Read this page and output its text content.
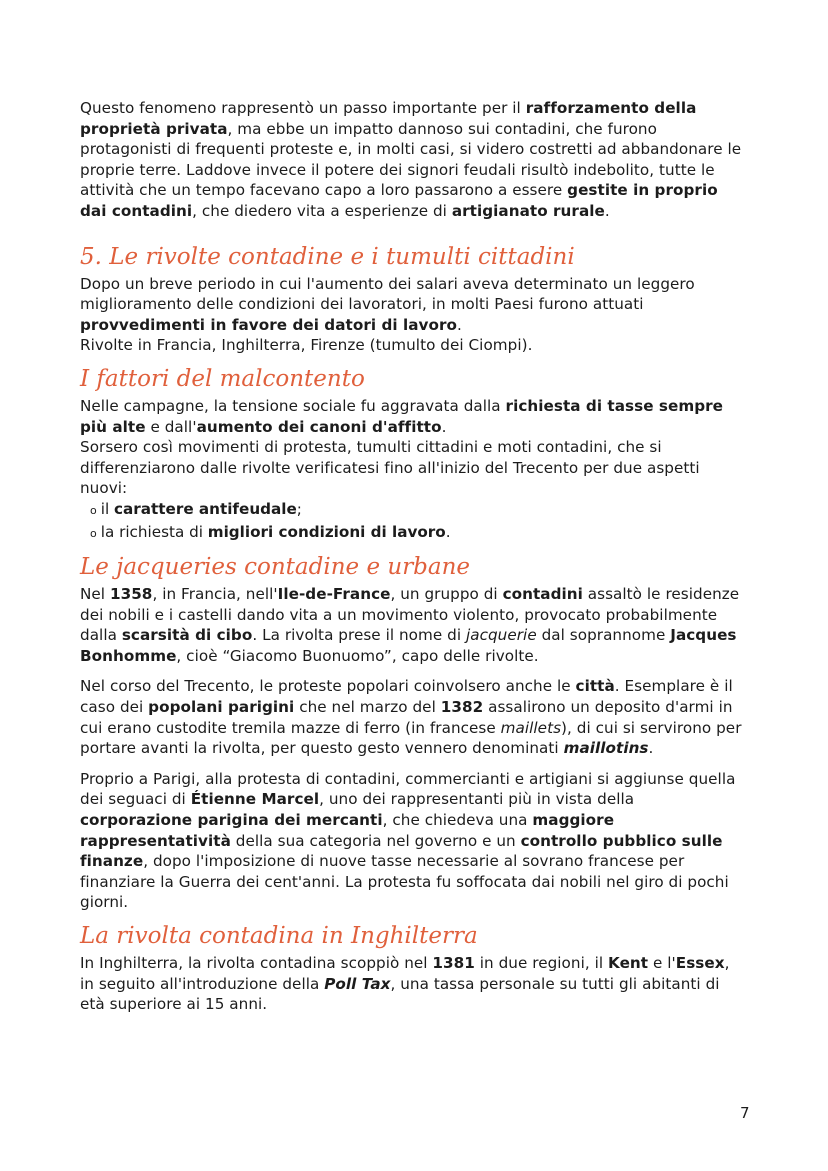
Questo fenomeno rappresentò un passo importante per il rafforzamento della proprietà privata, ma ebbe un impatto dannoso sui contadini, che furono protagonisti di frequenti proteste e, in molti casi, si videro costretti ad abbandonare le proprie terre. Laddove invece il potere dei signori feudali risultò indebolito, tutte le attività che un tempo facevano capo a loro passarono a essere gestite in proprio dai contadini, che diedero vita a esperienze di artigianato rurale.

5. Le rivolte contadine e i tumulti cittadini

Dopo un breve periodo in cui l'aumento dei salari aveva determinato un leggero miglioramento delle condizioni dei lavoratori, in molti Paesi furono attuati provvedimenti in favore dei datori di lavoro.
Rivolte in Francia, Inghilterra, Firenze (tumulto dei Ciompi).

I fattori del malcontento

Nelle campagne, la tensione sociale fu aggravata dalla richiesta di tasse sempre più alte e dall'aumento dei canoni d'affitto.
Sorsero così movimenti di protesta, tumulti cittadini e moti contadini, che si differenziarono dalle rivolte verificatesi fino all'inizio del Trecento per due aspetti nuovi:

o il carattere antifeudale;
o la richiesta di migliori condizioni di lavoro.
Le jacqueries contadine e urbane

Nel 1358, in Francia, nell'Ile-de-France, un gruppo di contadini assaltò le residenze dei nobili e i castelli dando vita a un movimento violento, provocato probabilmente dalla scarsità di cibo. La rivolta prese il nome di jacquerie dal soprannome Jacques Bonhomme, cioè “Giacomo Buonuomo”, capo delle rivolte.

Nel corso del Trecento, le proteste popolari coinvolsero anche le città. Esemplare è il caso dei popolani parigini che nel marzo del 1382 assalirono un deposito d'armi in cui erano custodite tremila mazze di ferro (in francese maillets), di cui si servirono per portare avanti la rivolta, per questo gesto vennero denominati maillotins.

Proprio a Parigi, alla protesta di contadini, commercianti e artigiani si aggiunse quella dei seguaci di Étienne Marcel, uno dei rappresentanti più in vista della corporazione parigina dei mercanti, che chiedeva una maggiore rappresentatività della sua categoria nel governo e un controllo pubblico sulle finanze, dopo l'imposizione di nuove tasse necessarie al sovrano francese per finanziare la Guerra dei cent'anni. La protesta fu soffocata dai nobili nel giro di pochi giorni.

La rivolta contadina in Inghilterra

In Inghilterra, la rivolta contadina scoppiò nel 1381 in due regioni, il Kent e l'Essex, in seguito all'introduzione della Poll Tax, una tassa personale su tutti gli abitanti di età superiore ai 15 anni.

7
